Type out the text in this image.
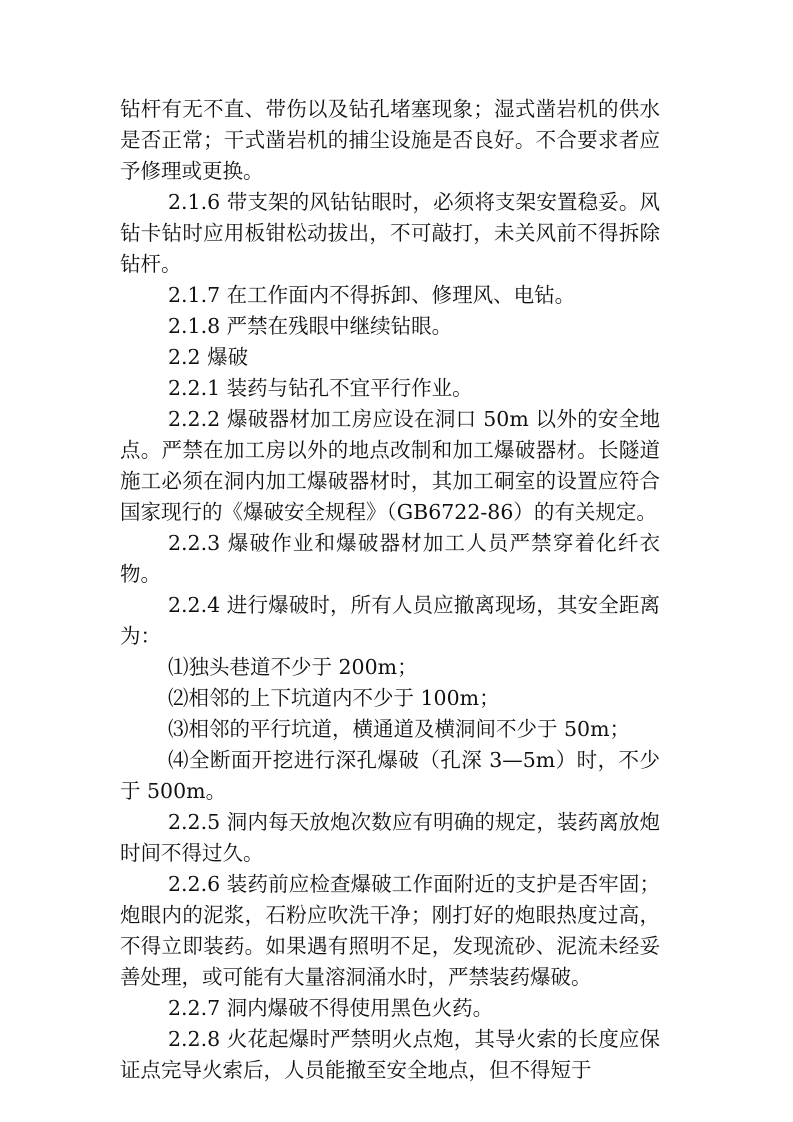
钻杆有无不直、带伤以及钻孔堵塞现象；湿式凿岩机的供水是否正常；干式凿岩机的捕尘设施是否良好。不合要求者应予修理或更换。

2.1.6 带支架的风钻钻眼时，必须将支架安置稳妥。风钻卡钻时应用板钳松动拔出，不可敲打，未关风前不得拆除钻杆。

2.1.7 在工作面内不得拆卸、修理风、电钻。

2.1.8 严禁在残眼中继续钻眼。

2.2 爆破

2.2.1 装药与钻孔不宜平行作业。

2.2.2 爆破器材加工房应设在洞口 50m 以外的安全地点。严禁在加工房以外的地点改制和加工爆破器材。长隧道施工必须在洞内加工爆破器材时，其加工硐室的设置应符合国家现行的《爆破安全规程》（GB6722-86）的有关规定。

2.2.3 爆破作业和爆破器材加工人员严禁穿着化纤衣物。

2.2.4 进行爆破时，所有人员应撤离现场，其安全距离为：

⑴独头巷道不少于 200m；

⑵相邻的上下坑道内不少于 100m；

⑶相邻的平行坑道，横通道及横洞间不少于 50m；

⑷全断面开挖进行深孔爆破（孔深 3—5m）时，不少于 500m。

2.2.5 洞内每天放炮次数应有明确的规定，装药离放炮时间不得过久。

2.2.6 装药前应检查爆破工作面附近的支护是否牢固；炮眼内的泥浆，石粉应吹洗干净；刚打好的炮眼热度过高，不得立即装药。如果遇有照明不足，发现流砂、泥流未经妥善处理，或可能有大量溶洞涌水时，严禁装药爆破。

2.2.7 洞内爆破不得使用黑色火药。

2.2.8 火花起爆时严禁明火点炮，其导火索的长度应保证点完导火索后，人员能撤至安全地点，但不得短于
